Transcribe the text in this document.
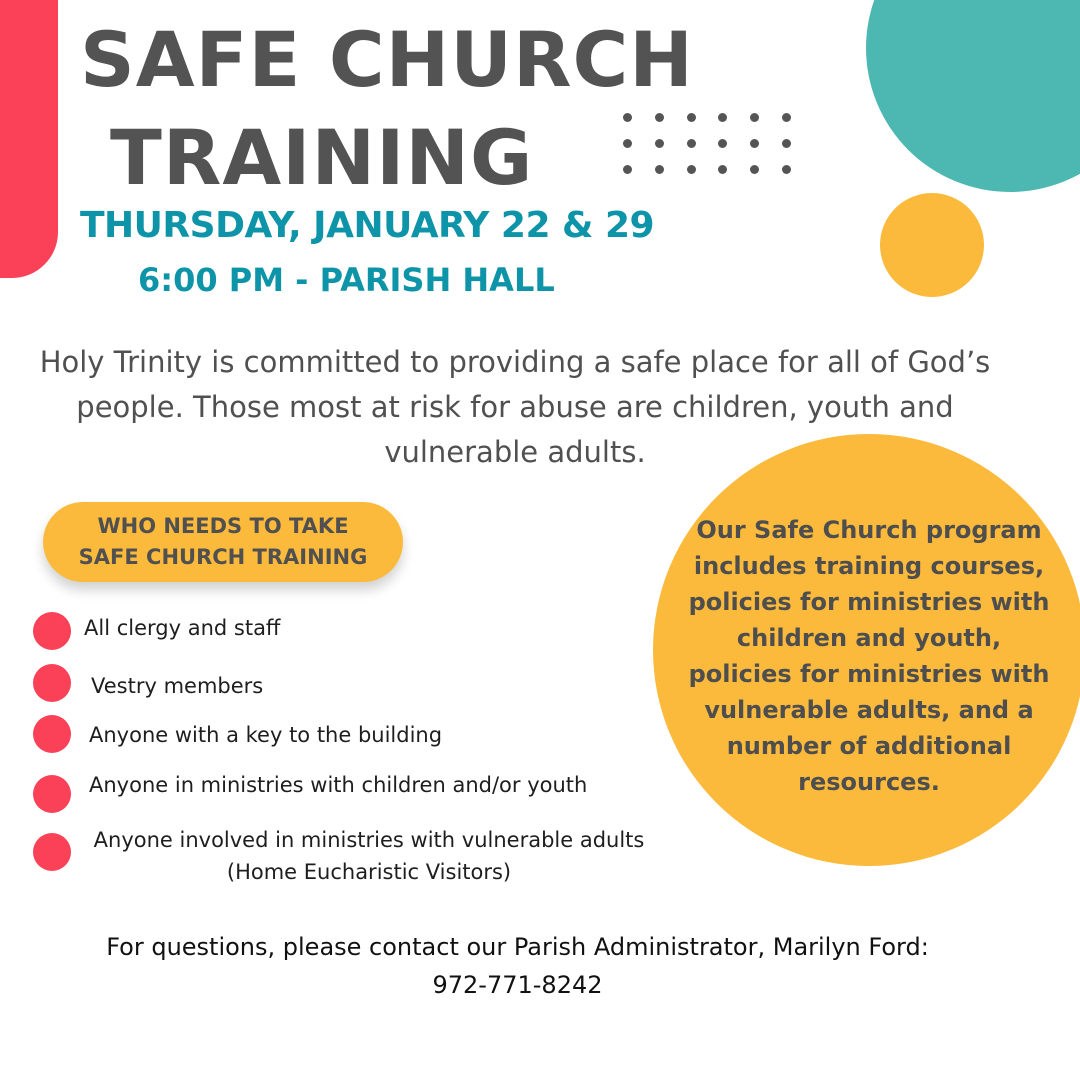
SAFE CHURCH
TRAINING
THURSDAY, JANUARY 22 & 29
6:00 PM - PARISH HALL

Holy Trinity is committed to providing a safe place for all of God’s people. Those most at risk for abuse are children, youth and vulnerable adults.

WHO NEEDS TO TAKE
SAFE CHURCH TRAINING
All clergy and staff
Vestry members
Anyone with a key to the building
Anyone in ministries with children and/or youth
Anyone involved in ministries with vulnerable adults
(Home Eucharistic Visitors)
Our Safe Church program includes training courses, policies for ministries with children and youth, policies for ministries with vulnerable adults, and a number of additional resources.
For questions, please contact our Parish Administrator, Marilyn Ford:
972-771-8242
